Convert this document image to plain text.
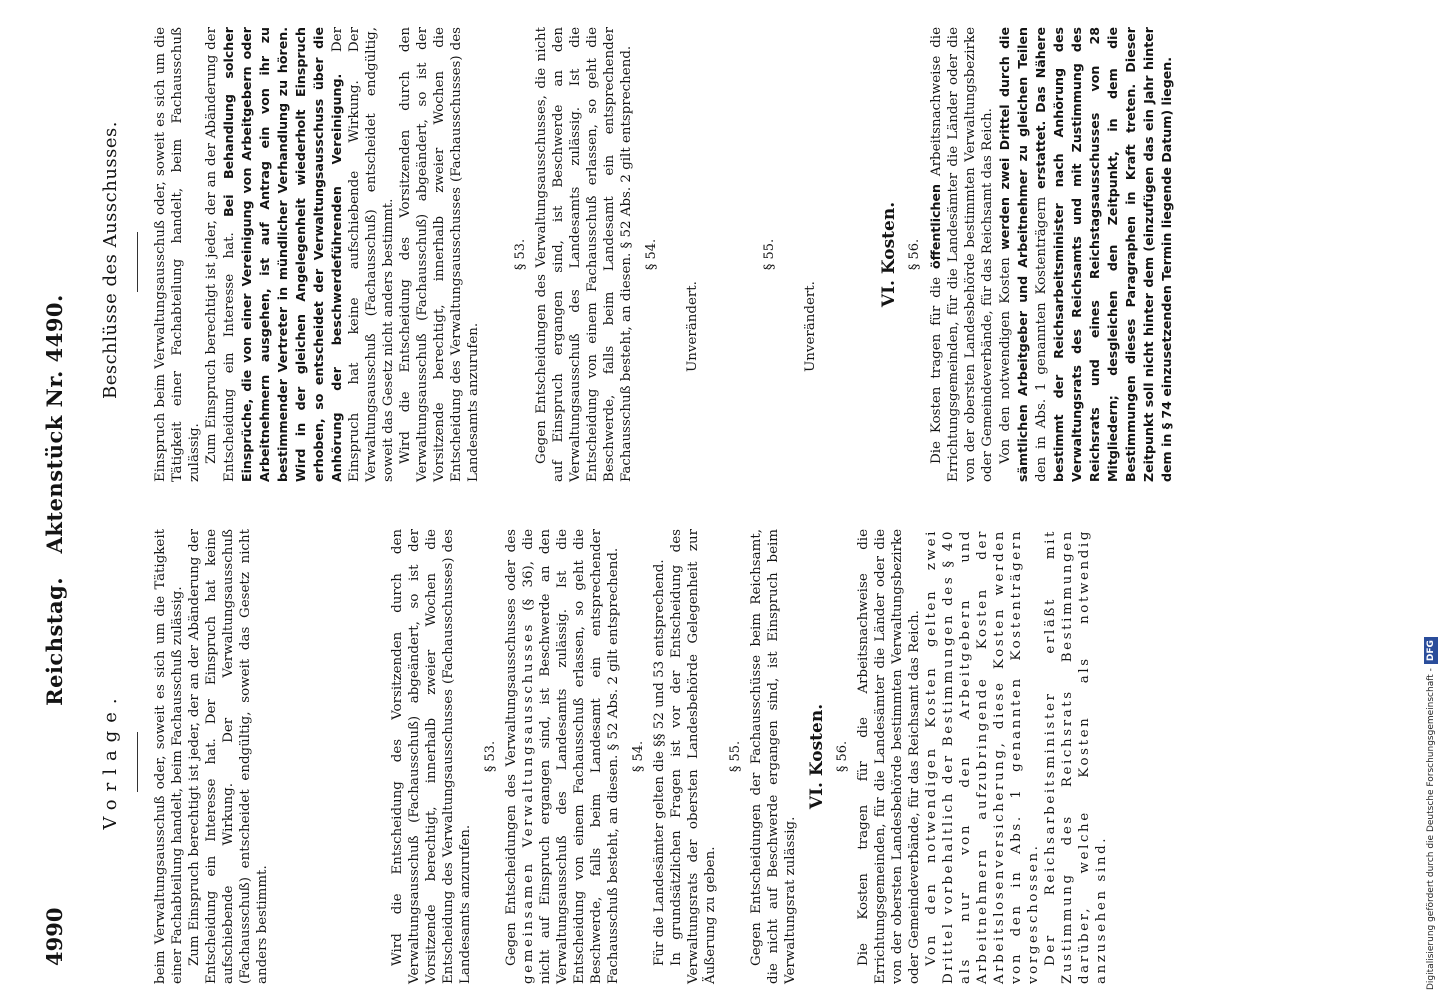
4990
Reichstag.   Aktenstück Nr. 4490.
Vorlage.
Beschlüsse des Ausschusses.

beim Verwaltungsausschuß oder, soweit es sich um die Tätigkeit einer Fachabteilung handelt, beim Fachausschuß zulässig. Zum Einspruch berechtigt ist jeder, der an der Abänderung der Entscheidung ein Interesse hat. Der Einspruch hat keine aufschiebende Wirkung. Der Verwaltungsausschuß (Fachausschuß) entscheidet endgültig, soweit das Gesetz nicht anders bestimmt.	Wird die Entscheidung des Vorsitzenden durch den Verwaltungsausschuß (Fachausschuß) abgeändert, so ist der Vorsitzende berechtigt, innerhalb zweier Wochen die Entscheidung des Verwaltungsausschusses (Fachausschusses) des Landesamts anzurufen.

§ 53. Gegen Entscheidungen des Verwaltungsausschusses oder des gemeinsamen Verwaltungsausschusses (§ 36), die nicht auf Einspruch ergangen sind, ist Beschwerde an den Verwaltungsausschuß des Landesamts zulässig. Ist die Entscheidung von einem Fachausschuß erlassen, so geht die Beschwerde, falls beim Landesamt ein entsprechender Fachausschuß besteht, an diesen. § 52 Abs. 2 gilt entsprechend. § 54. Für die Landesämter gelten die §§ 52 und 53 entsprechend. In grundsätzlichen Fragen ist vor der Entscheidung des Verwaltungsrats der obersten Landesbehörde Gelegenheit zur Äußerung zu geben.

§ 55. Gegen Entscheidungen der Fachausschüsse beim Reichsamt, die nicht auf Beschwerde ergangen sind, ist Einspruch beim Verwaltungsrat zulässig.

VI. Kosten. § 56. Die Kosten tragen für die Arbeitsnachweise die Errichtungsgemeinden, für die Landesämter die Länder oder die von der obersten Landesbehörde bestimmten Verwaltungsbezirke oder Gemeindeverbände, für das Reichsamt das Reich. Von den notwendigen Kosten gelten zwei Drittel vorbehaltlich der Bestimmungen des § 40 als nur von den Arbeitgebern und Arbeitnehmern aufzubringende Kosten der Arbeitslosenversicherung, diese Kosten werden von den in Abs. 1 genannten Kostenträgern vorgeschossen. Der Reichsarbeitsminister erläßt mit Zustimmung des Reichsrats Bestimmungen darüber, welche Kosten als notwendig anzusehen sind.

Einspruch beim Verwaltungsausschuß oder, soweit es sich um die Tätigkeit einer Fachabteilung handelt, beim Fachausschuß zulässig. Zum Einspruch berechtigt ist jeder, der an der Abänderung der Entscheidung ein Interesse hat. Bei Behandlung solcher Einsprüche, die von einer Vereinigung von Arbeitgebern oder Arbeitnehmern ausgehen, ist auf Antrag ein von ihr zu bestimmender Vertreter in mündlicher Verhandlung zu hören. Wird in der gleichen Angelegenheit wiederholt Einspruch erhoben, so entscheidet der Verwaltungsausschuss über die Anhörung der beschwerdeführenden Vereinigung. Der Einspruch hat keine aufschiebende Wirkung. Der Verwaltungsausschuß (Fachausschuß) entscheidet endgültig, soweit das Gesetz nicht anders bestimmt. Wird die Entscheidung des Vorsitzenden durch den Verwaltungsausschuß (Fachausschuß) abgeändert, so ist der Vorsitzende berechtigt, innerhalb zweier Wochen die Entscheidung des Verwaltungsausschusses (Fachausschusses) des Landesamts anzurufen.

§ 53. Gegen Entscheidungen des Verwaltungsausschusses, die nicht auf Einspruch ergangen sind, ist Beschwerde an den Verwaltungsausschuß des Landesamts zulässig. Ist die Entscheidung von einem Fachausschuß erlassen, so geht die Beschwerde, falls beim Landesamt ein entsprechender Fachausschuß besteht, an diesen. § 52 Abs. 2 gilt entsprechend. § 54.

Unverändert.

§ 55.

Unverändert.

VI. Kosten. § 56.

Die Kosten tragen für die öffentlichen Arbeitsnachweise die Errichtungsgemeinden, für die Landesämter die Länder oder die von der obersten Landesbehörde bestimmten Verwaltungsbezirke oder Gemeindeverbände, für das Reichsamt das Reich. Von den notwendigen Kosten werden zwei Drittel durch die sämtlichen Arbeitgeber und Arbeitnehmer zu gleichen Teilen den in Abs. 1 genannten Kostenträgern erstattet. Das Nähere bestimmt der Reichsarbeitsminister nach Anhörung des Verwaltungsrats des Reichsamts und mit Zustimmung des Reichsrats und eines Reichstagsausschusses von 28 Mitgliedern; desgleichen den Zeitpunkt, in dem die Bestimmungen dieses Paragraphen in Kraft treten. Dieser Zeitpunkt soll nicht hinter dem (einzufügen das ein Jahr hinter dem in § 74 einzusetzenden Termin liegende Datum) liegen.

Digitalisierung gefördert durch die Deutsche Forschungsgemeinschaft -DFG
